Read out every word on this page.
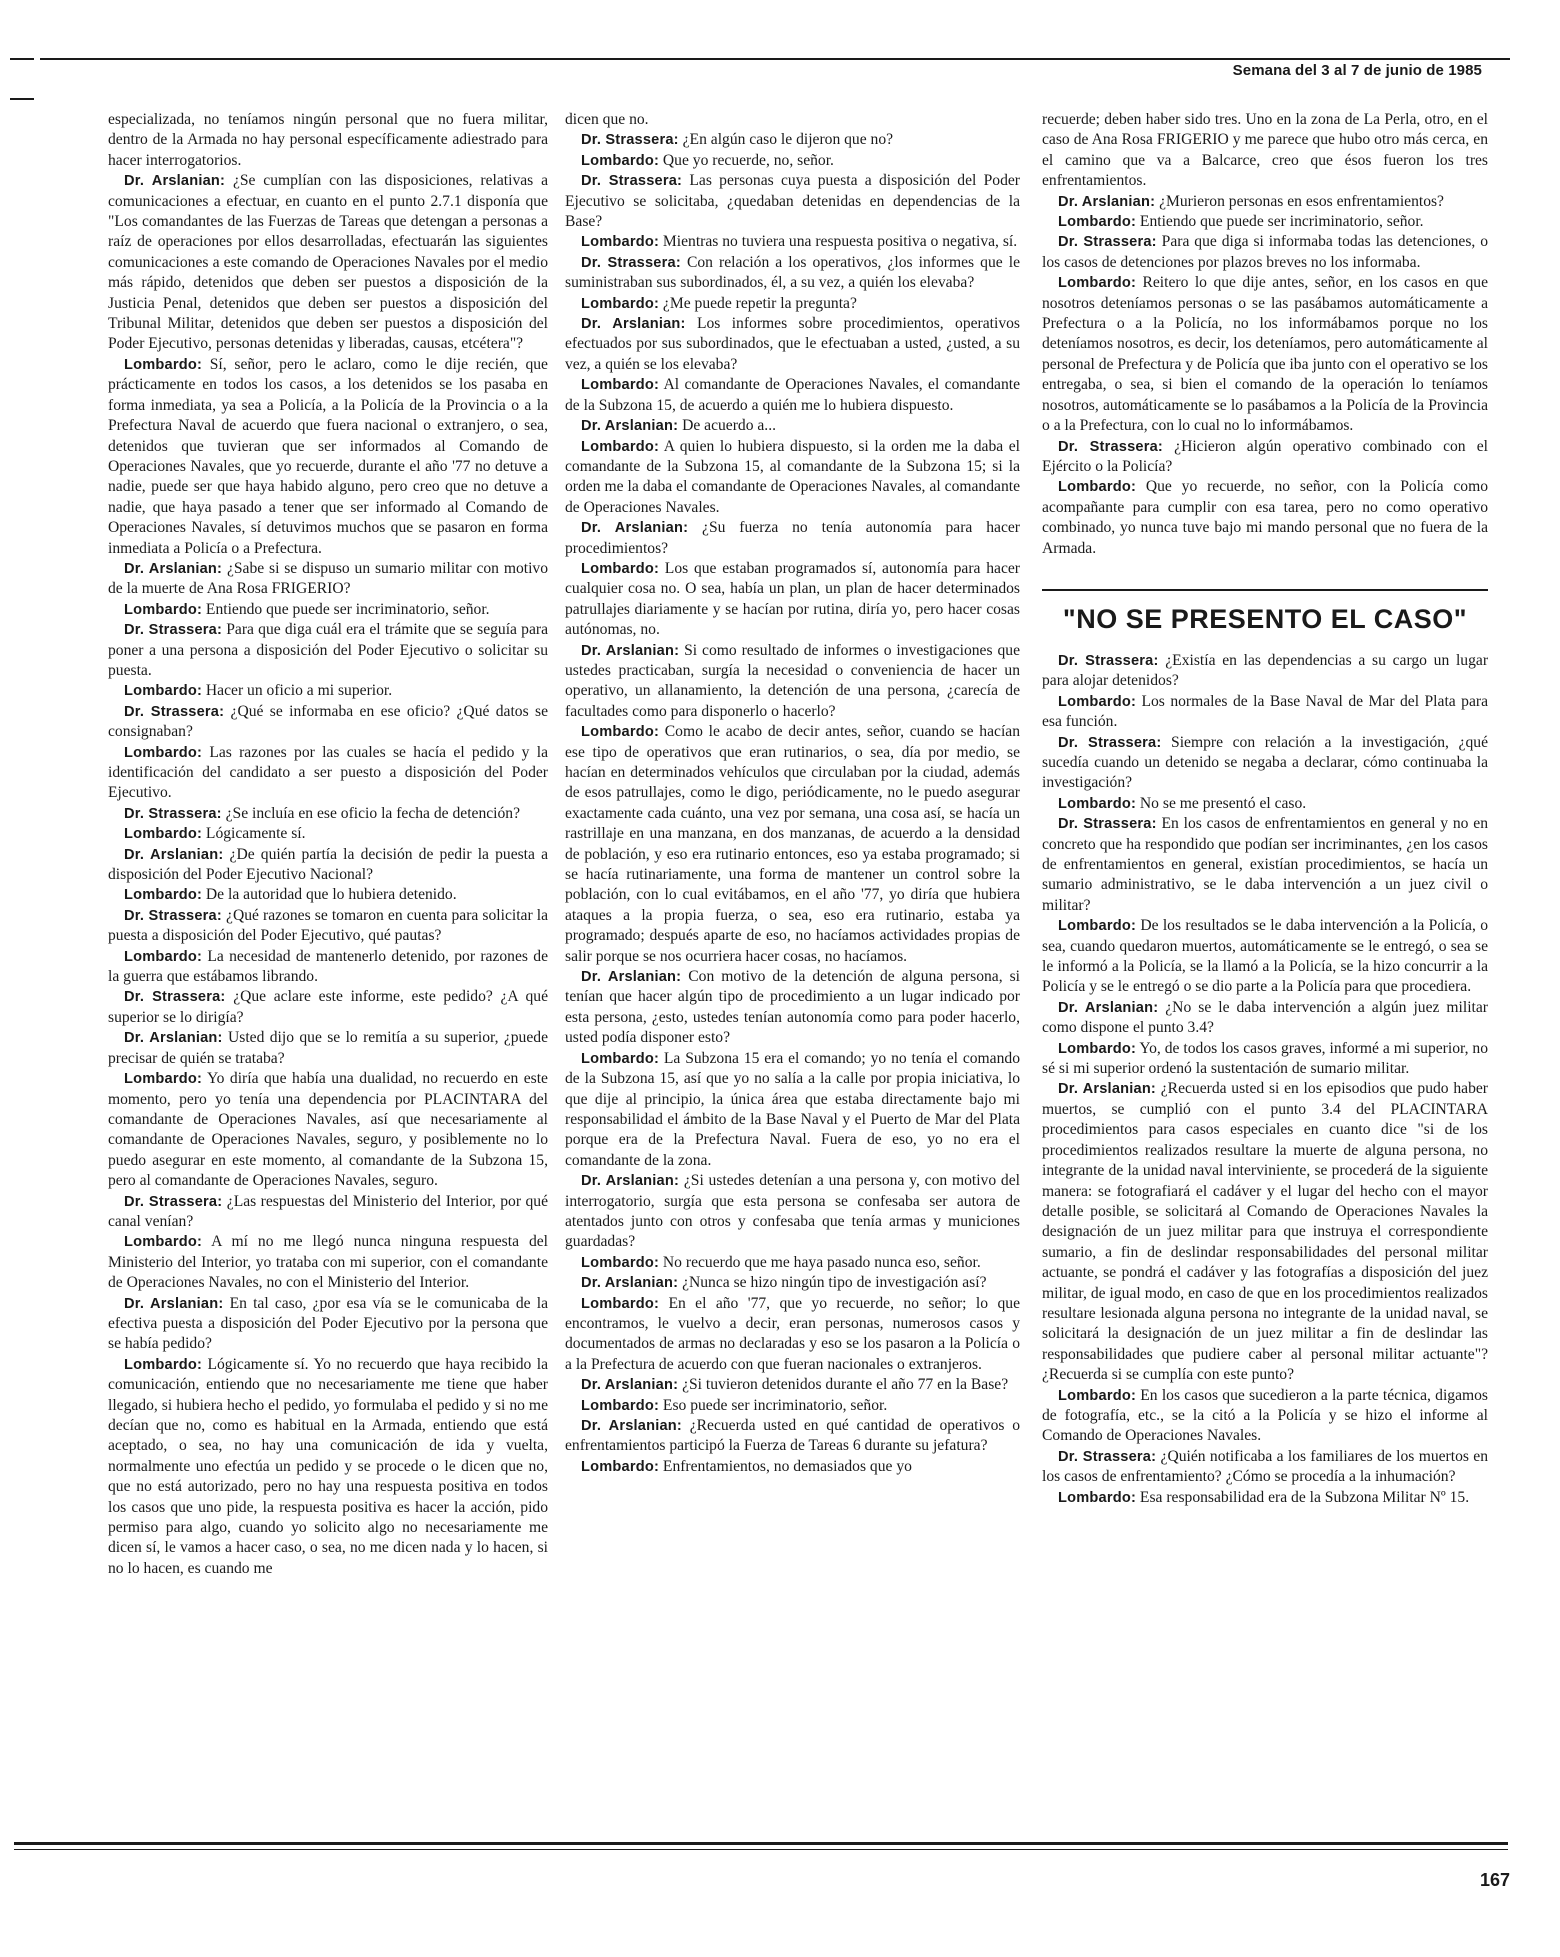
Semana del 3 al 7 de junio de 1985

especializada, no teníamos ningún personal que no fuera militar, dentro de la Armada no hay personal específicamente adiestrado para hacer interrogatorios.

Dr. Arslanian: ¿Se cumplían con las disposiciones, relativas a comunicaciones a efectuar, en cuanto en el punto 2.7.1 disponía que "Los comandantes de las Fuerzas de Tareas que detengan a personas a raíz de operaciones por ellos desarrolladas, efectuarán las siguientes comunicaciones a este comando de Operaciones Navales por el medio más rápido, detenidos que deben ser puestos a disposición de la Justicia Penal, detenidos que deben ser puestos a disposición del Tribunal Militar, detenidos que deben ser puestos a disposición del Poder Ejecutivo, personas detenidas y liberadas, causas, etcétera"?

Lombardo: Sí, señor, pero le aclaro, como le dije recién, que prácticamente en todos los casos, a los detenidos se los pasaba en forma inmediata, ya sea a Policía, a la Policía de la Provincia o a la Prefectura Naval de acuerdo que fuera nacional o extranjero, o sea, detenidos que tuvieran que ser informados al Comando de Operaciones Navales, que yo recuerde, durante el año '77 no detuve a nadie, puede ser que haya habido alguno, pero creo que no detuve a nadie, que haya pasado a tener que ser informado al Comando de Operaciones Navales, sí detuvimos muchos que se pasaron en forma inmediata a Policía o a Prefectura.

Dr. Arslanian: ¿Sabe si se dispuso un sumario militar con motivo de la muerte de Ana Rosa FRIGERIO?

Lombardo: Entiendo que puede ser incriminatorio, señor.

Dr. Strassera: Para que diga cuál era el trámite que se seguía para poner a una persona a disposición del Poder Ejecutivo o solicitar su puesta.

Lombardo: Hacer un oficio a mi superior.

Dr. Strassera: ¿Qué se informaba en ese oficio? ¿Qué datos se consignaban?

Lombardo: Las razones por las cuales se hacía el pedido y la identificación del candidato a ser puesto a disposición del Poder Ejecutivo.

Dr. Strassera: ¿Se incluía en ese oficio la fecha de detención?

Lombardo: Lógicamente sí.

Dr. Arslanian: ¿De quién partía la decisión de pedir la puesta a disposición del Poder Ejecutivo Nacional?

Lombardo: De la autoridad que lo hubiera detenido.

Dr. Strassera: ¿Qué razones se tomaron en cuenta para solicitar la puesta a disposición del Poder Ejecutivo, qué pautas?

Lombardo: La necesidad de mantenerlo detenido, por razones de la guerra que estábamos librando.

Dr. Strassera: ¿Que aclare este informe, este pedido? ¿A qué superior se lo dirigía?

Dr. Arslanian: Usted dijo que se lo remitía a su superior, ¿puede precisar de quién se trataba?

Lombardo: Yo diría que había una dualidad, no recuerdo en este momento, pero yo tenía una dependencia por PLACINTARA del comandante de Operaciones Navales, así que necesariamente al comandante de Operaciones Navales, seguro, y posiblemente no lo puedo asegurar en este momento, al comandante de la Subzona 15, pero al comandante de Operaciones Navales, seguro.

Dr. Strassera: ¿Las respuestas del Ministerio del Interior, por qué canal venían?

Lombardo: A mí no me llegó nunca ninguna respuesta del Ministerio del Interior, yo trataba con mi superior, con el comandante de Operaciones Navales, no con el Ministerio del Interior.

Dr. Arslanian: En tal caso, ¿por esa vía se le comunicaba de la efectiva puesta a disposición del Poder Ejecutivo por la persona que se había pedido?

Lombardo: Lógicamente sí. Yo no recuerdo que haya recibido la comunicación, entiendo que no necesariamente me tiene que haber llegado, si hubiera hecho el pedido, yo formulaba el pedido y si no me decían que no, como es habitual en la Armada, entiendo que está aceptado, o sea, no hay una comunicación de ida y vuelta, normalmente uno efectúa un pedido y se procede o le dicen que no, que no está autorizado, pero no hay una respuesta positiva en todos los casos que uno pide, la respuesta positiva es hacer la acción, pido permiso para algo, cuando yo solicito algo no necesariamente me dicen sí, le vamos a hacer caso, o sea, no me dicen nada y lo hacen, si no lo hacen, es cuando me

dicen que no.

Dr. Strassera: ¿En algún caso le dijeron que no?

Lombardo: Que yo recuerde, no, señor.

Dr. Strassera: Las personas cuya puesta a disposición del Poder Ejecutivo se solicitaba, ¿quedaban detenidas en dependencias de la Base?

Lombardo: Mientras no tuviera una respuesta positiva o negativa, sí.

Dr. Strassera: Con relación a los operativos, ¿los informes que le suministraban sus subordinados, él, a su vez, a quién los elevaba?

Lombardo: ¿Me puede repetir la pregunta?

Dr. Arslanian: Los informes sobre procedimientos, operativos efectuados por sus subordinados, que le efectuaban a usted, ¿usted, a su vez, a quién se los elevaba?

Lombardo: Al comandante de Operaciones Navales, el comandante de la Subzona 15, de acuerdo a quién me lo hubiera dispuesto.

Dr. Arslanian: De acuerdo a...

Lombardo: A quien lo hubiera dispuesto, si la orden me la daba el comandante de la Subzona 15, al comandante de la Subzona 15; si la orden me la daba el comandante de Operaciones Navales, al comandante de Operaciones Navales.

Dr. Arslanian: ¿Su fuerza no tenía autonomía para hacer procedimientos?

Lombardo: Los que estaban programados sí, autonomía para hacer cualquier cosa no. O sea, había un plan, un plan de hacer determinados patrullajes diariamente y se hacían por rutina, diría yo, pero hacer cosas autónomas, no.

Dr. Arslanian: Si como resultado de informes o investigaciones que ustedes practicaban, surgía la necesidad o conveniencia de hacer un operativo, un allanamiento, la detención de una persona, ¿carecía de facultades como para disponerlo o hacerlo?

Lombardo: Como le acabo de decir antes, señor, cuando se hacían ese tipo de operativos que eran rutinarios, o sea, día por medio, se hacían en determinados vehículos que circulaban por la ciudad, además de esos patrullajes, como le digo, periódicamente, no le puedo asegurar exactamente cada cuánto, una vez por semana, una cosa así, se hacía un rastrillaje en una manzana, en dos manzanas, de acuerdo a la densidad de población, y eso era rutinario entonces, eso ya estaba programado; si se hacía rutinariamente, una forma de mantener un control sobre la población, con lo cual evitábamos, en el año '77, yo diría que hubiera ataques a la propia fuerza, o sea, eso era rutinario, estaba ya programado; después aparte de eso, no hacíamos actividades propias de salir porque se nos ocurriera hacer cosas, no hacíamos.

Dr. Arslanian: Con motivo de la detención de alguna persona, si tenían que hacer algún tipo de procedimiento a un lugar indicado por esta persona, ¿esto, ustedes tenían autonomía como para poder hacerlo, usted podía disponer esto?

Lombardo: La Subzona 15 era el comando; yo no tenía el comando de la Subzona 15, así que yo no salía a la calle por propia iniciativa, lo que dije al principio, la única área que estaba directamente bajo mi responsabilidad el ámbito de la Base Naval y el Puerto de Mar del Plata porque era de la Prefectura Naval. Fuera de eso, yo no era el comandante de la zona.

Dr. Arslanian: ¿Si ustedes detenían a una persona y, con motivo del interrogatorio, surgía que esta persona se confesaba ser autora de atentados junto con otros y confesaba que tenía armas y municiones guardadas?

Lombardo: No recuerdo que me haya pasado nunca eso, señor.

Dr. Arslanian: ¿Nunca se hizo ningún tipo de investigación así?

Lombardo: En el año '77, que yo recuerde, no señor; lo que encontramos, le vuelvo a decir, eran personas, numerosos casos y documentados de armas no declaradas y eso se los pasaron a la Policía o a la Prefectura de acuerdo con que fueran nacionales o extranjeros.

Dr. Arslanian: ¿Si tuvieron detenidos durante el año 77 en la Base?

Lombardo: Eso puede ser incriminatorio, señor.

Dr. Arslanian: ¿Recuerda usted en qué cantidad de operativos o enfrentamientos participó la Fuerza de Tareas 6 durante su jefatura?

Lombardo: Enfrentamientos, no demasiados que yo

recuerde; deben haber sido tres. Uno en la zona de La Perla, otro, en el caso de Ana Rosa FRIGERIO y me parece que hubo otro más cerca, en el camino que va a Balcarce, creo que ésos fueron los tres enfrentamientos.

Dr. Arslanian: ¿Murieron personas en esos enfrentamientos?

Lombardo: Entiendo que puede ser incriminatorio, señor.

Dr. Strassera: Para que diga si informaba todas las detenciones, o los casos de detenciones por plazos breves no los informaba.

Lombardo: Reitero lo que dije antes, señor, en los casos en que nosotros deteníamos personas o se las pasábamos automáticamente a Prefectura o a la Policía, no los informábamos porque no los deteníamos nosotros, es decir, los deteníamos, pero automáticamente al personal de Prefectura y de Policía que iba junto con el operativo se los entregaba, o sea, si bien el comando de la operación lo teníamos nosotros, automáticamente se lo pasábamos a la Policía de la Provincia o a la Prefectura, con lo cual no lo informábamos.

Dr. Strassera: ¿Hicieron algún operativo combinado con el Ejército o la Policía?

Lombardo: Que yo recuerde, no señor, con la Policía como acompañante para cumplir con esa tarea, pero no como operativo combinado, yo nunca tuve bajo mi mando personal que no fuera de la Armada.

"NO SE PRESENTO EL CASO"

Dr. Strassera: ¿Existía en las dependencias a su cargo un lugar para alojar detenidos?

Lombardo: Los normales de la Base Naval de Mar del Plata para esa función.

Dr. Strassera: Siempre con relación a la investigación, ¿qué sucedía cuando un detenido se negaba a declarar, cómo continuaba la investigación?

Lombardo: No se me presentó el caso.

Dr. Strassera: En los casos de enfrentamientos en general y no en concreto que ha respondido que podían ser incriminantes, ¿en los casos de enfrentamientos en general, existían procedimientos, se hacía un sumario administrativo, se le daba intervención a un juez civil o militar?

Lombardo: De los resultados se le daba intervención a la Policía, o sea, cuando quedaron muertos, automáticamente se le entregó, o sea se le informó a la Policía, se la llamó a la Policía, se la hizo concurrir a la Policía y se le entregó o se dio parte a la Policía para que procediera.

Dr. Arslanian: ¿No se le daba intervención a algún juez militar como dispone el punto 3.4?

Lombardo: Yo, de todos los casos graves, informé a mi superior, no sé si mi superior ordenó la sustentación de sumario militar.

Dr. Arslanian: ¿Recuerda usted si en los episodios que pudo haber muertos, se cumplió con el punto 3.4 del PLACINTARA procedimientos para casos especiales en cuanto dice "si de los procedimientos realizados resultare la muerte de alguna persona, no integrante de la unidad naval interviniente, se procederá de la siguiente manera: se fotografiará el cadáver y el lugar del hecho con el mayor detalle posible, se solicitará al Comando de Operaciones Navales la designación de un juez militar para que instruya el correspondiente sumario, a fin de deslindar responsabilidades del personal militar actuante, se pondrá el cadáver y las fotografías a disposición del juez militar, de igual modo, en caso de que en los procedimientos realizados resultare lesionada alguna persona no integrante de la unidad naval, se solicitará la designación de un juez militar a fin de deslindar las responsabilidades que pudiere caber al personal militar actuante"? ¿Recuerda si se cumplía con este punto?

Lombardo: En los casos que sucedieron a la parte técnica, digamos de fotografía, etc., se la citó a la Policía y se hizo el informe al Comando de Operaciones Navales.

Dr. Strassera: ¿Quién notificaba a los familiares de los muertos en los casos de enfrentamiento? ¿Cómo se procedía a la inhumación?

Lombardo: Esa responsabilidad era de la Subzona Militar Nº 15.

167
